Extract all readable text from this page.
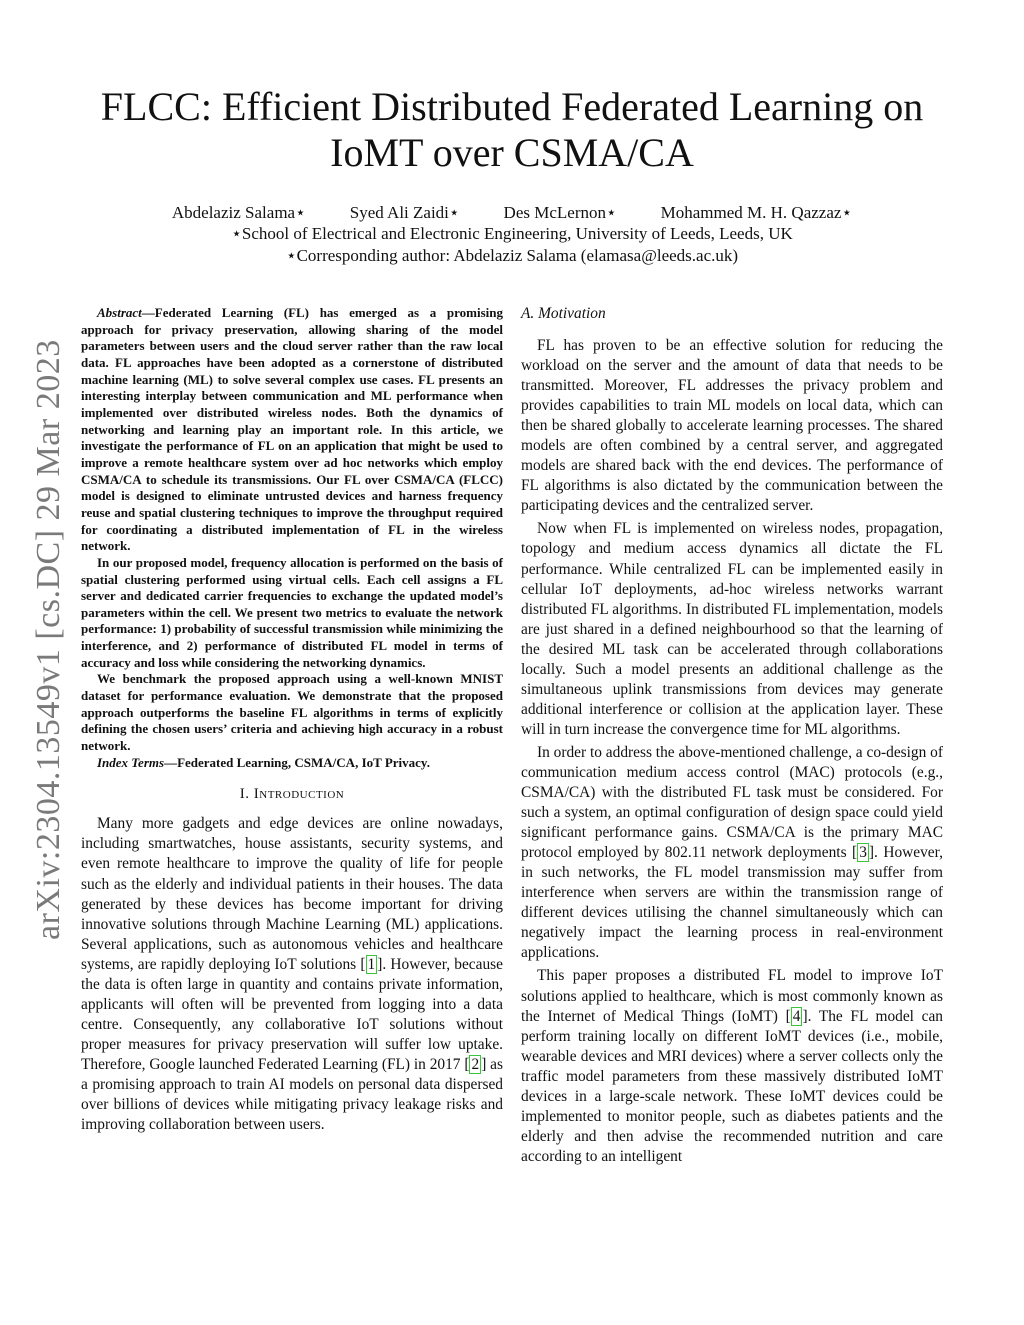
arXiv:2304.13549v1 [cs.DC] 29 Mar 2023
FLCC: Efficient Distributed Federated Learning on IoMT over CSMA/CA
Abdelaziz Salama⋆	Syed Ali Zaidi⋆	Des McLernon⋆	Mohammed M. H. Qazzaz⋆
⋆School of Electrical and Electronic Engineering, University of Leeds, Leeds, UK
⋆Corresponding author: Abdelaziz Salama (elamasa@leeds.ac.uk)

Abstract—Federated Learning (FL) has emerged as a promising approach for privacy preservation, allowing sharing of the model parameters between users and the cloud server rather than the raw local data. FL approaches have been adopted as a cornerstone of distributed machine learning (ML) to solve several complex use cases. FL presents an interesting interplay between communication and ML performance when implemented over distributed wireless nodes. Both the dynamics of networking and learning play an important role. In this article, we investigate the performance of FL on an application that might be used to improve a remote healthcare system over ad hoc networks which employ CSMA/CA to schedule its transmissions. Our FL over CSMA/CA (FLCC) model is designed to eliminate untrusted devices and harness frequency reuse and spatial clustering techniques to improve the throughput required for coordinating a distributed implementation of FL in the wireless network.

In our proposed model, frequency allocation is performed on the basis of spatial clustering performed using virtual cells. Each cell assigns a FL server and dedicated carrier frequencies to exchange the updated model’s parameters within the cell. We present two metrics to evaluate the network performance: 1) probability of successful transmission while minimizing the interference, and 2) performance of distributed FL model in terms of accuracy and loss while considering the networking dynamics.

We benchmark the proposed approach using a well-known MNIST dataset for performance evaluation. We demonstrate that the proposed approach outperforms the baseline FL algorithms in terms of explicitly defining the chosen users’ criteria and achieving high accuracy in a robust network.

Index Terms—Federated Learning, CSMA/CA, IoT Privacy.

I. Introduction

Many more gadgets and edge devices are online nowadays, including smartwatches, house assistants, security systems, and even remote healthcare to improve the quality of life for people such as the elderly and individual patients in their houses. The data generated by these devices has become important for driving innovative solutions through Machine Learning (ML) applications. Several applications, such as autonomous vehicles and healthcare systems, are rapidly deploying IoT solutions [ 1 ]. However, because the data is often large in quantity and contains private information, applicants will often will be prevented from logging into a data centre. Consequently, any collaborative IoT solutions without proper measures for privacy preservation will suffer low uptake. Therefore, Google launched Federated Learning (FL) in 2017 [ 2 ] as a promising approach to train AI models on personal data dispersed over billions of devices while mitigating privacy leakage risks and improving collaboration between users.

A. Motivation

FL has proven to be an effective solution for reducing the workload on the server and the amount of data that needs to be transmitted. Moreover, FL addresses the privacy problem and provides capabilities to train ML models on local data, which can then be shared globally to accelerate learning processes. The shared models are often combined by a central server, and aggregated models are shared back with the end devices. The performance of FL algorithms is also dictated by the communication between the participating devices and the centralized server.

Now when FL is implemented on wireless nodes, propagation, topology and medium access dynamics all dictate the FL performance. While centralized FL can be implemented easily in cellular IoT deployments, ad-hoc wireless networks warrant distributed FL algorithms. In distributed FL implementation, models are just shared in a defined neighbourhood so that the learning of the desired ML task can be accelerated through collaborations locally. Such a model presents an additional challenge as the simultaneous uplink transmissions from devices may generate additional interference or collision at the application layer. These will in turn increase the convergence time for ML algorithms.

In order to address the above-mentioned challenge, a co-design of communication medium access control (MAC) protocols (e.g., CSMA/CA) with the distributed FL task must be considered. For such a system, an optimal configuration of design space could yield significant performance gains. CSMA/CA is the primary MAC protocol employed by 802.11 network deployments [ 3 ]. However, in such networks, the FL model transmission may suffer from interference when servers are within the transmission range of different devices utilising the channel simultaneously which can negatively impact the learning process in real-environment applications.

This paper proposes a distributed FL model to improve IoT solutions applied to healthcare, which is most commonly known as the Internet of Medical Things (IoMT) [ 4 ]. The FL model can perform training locally on different IoMT devices (i.e., mobile, wearable devices and MRI devices) where a server collects only the traffic model parameters from these massively distributed IoMT devices in a large-scale network. These IoMT devices could be implemented to monitor people, such as diabetes patients and the elderly and then advise the recommended nutrition and care according to an intelligent
